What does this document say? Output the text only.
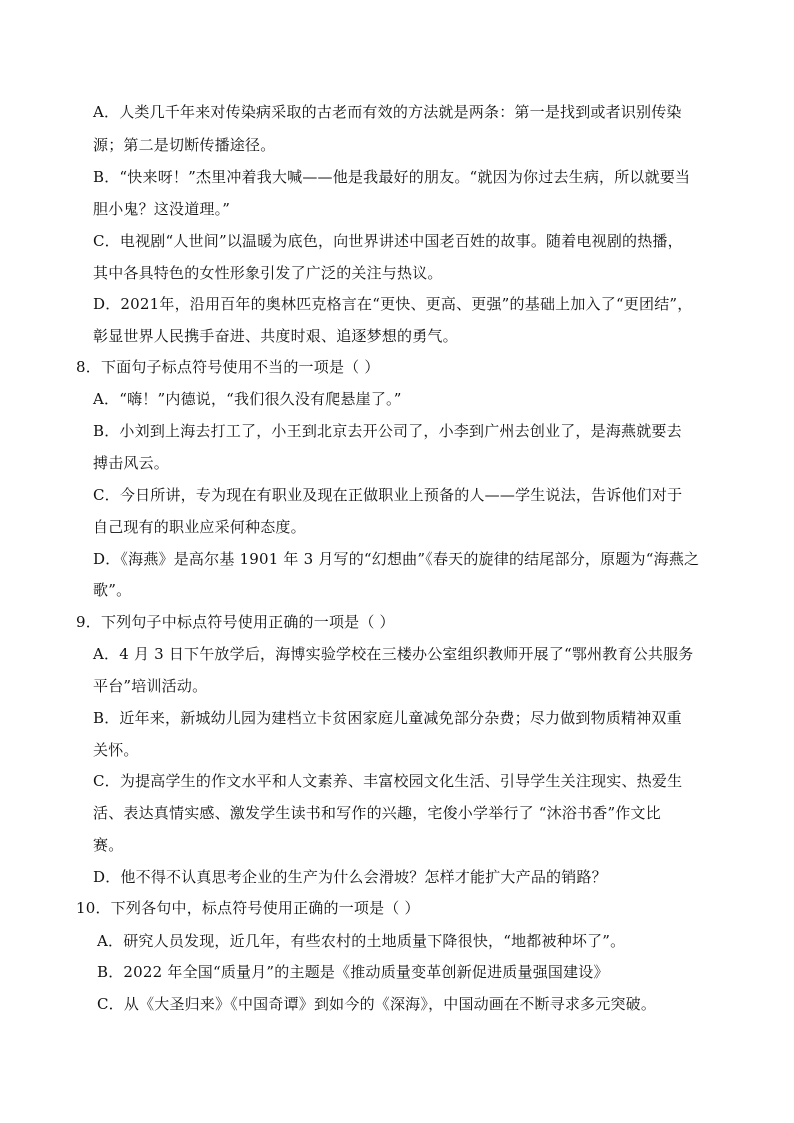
A．人类几千年来对传染病采取的古老而有效的方法就是两条：第一是找到或者识别传染
源；第二是切断传播途径。
B．“快来呀！”杰里冲着我大喊——他是我最好的朋友。“就因为你过去生病，所以就要当
胆小鬼？这没道理。”
C．电视剧“人世间”以温暖为底色，向世界讲述中国老百姓的故事。随着电视剧的热播，
其中各具特色的女性形象引发了广泛的关注与热议。
D．2021年，沿用百年的奥林匹克格言在“更快、更高、更强”的基础上加入了“更团结”，
彰显世界人民携手奋进、共度时艰、追逐梦想的勇气。
8．下面句子标点符号使用不当的一项是（ ）
A．“嗨！”内德说，“我们很久没有爬悬崖了。”
B．小刘到上海去打工了，小王到北京去开公司了，小李到广州去创业了，是海燕就要去
搏击风云。
C．今日所讲，专为现在有职业及现在正做职业上预备的人——学生说法，告诉他们对于
自己现有的职业应采何种态度。
D．《海燕》是高尔基 1901 年 3 月写的“幻想曲”《春天的旋律的结尾部分，原题为“海燕之
歌”。
9．下列句子中标点符号使用正确的一项是（ ）
A．4 月 3 日下午放学后，海博实验学校在三楼办公室组织教师开展了“鄂州教育公共服务
平台”培训活动。
B．近年来，新城幼儿园为建档立卡贫困家庭儿童减免部分杂费；尽力做到物质精神双重
关怀。
C．为提高学生的作文水平和人文素养、丰富校园文化生活、引导学生关注现实、热爱生
活、表达真情实感、激发学生读书和写作的兴趣，宅俊小学举行了 “沐浴书香”作文比
赛。
D．他不得不认真思考企业的生产为什么会滑坡？怎样才能扩大产品的销路？
10．下列各句中，标点符号使用正确的一项是（ ）
A．研究人员发现，近几年，有些农村的土地质量下降很快，“地都被种坏了”。
B．2022 年全国“质量月”的主题是《推动质量变革创新促进质量强国建设》
C．从《大圣归来》《中国奇谭》到如今的《深海》，中国动画在不断寻求多元突破。
